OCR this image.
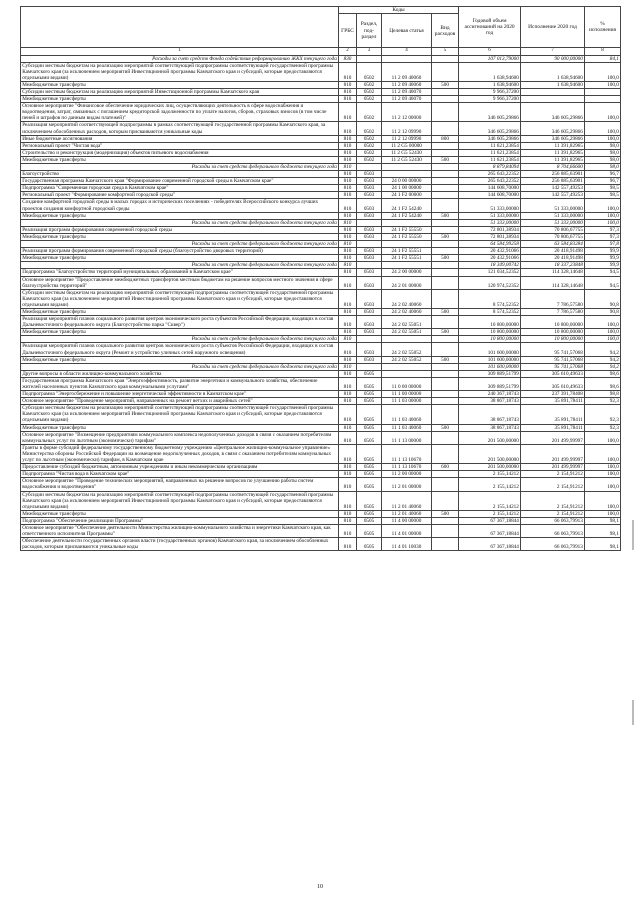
	Коды				Годовой объем ассигнований на 2020 год	Исполнение 2020 год	% исполнения	
	ГРБС	Раздел, под-раздел	Целевая статья	Вид расходов				
1	2	3	4	5	6	7	8	
Расходы за счет средств Фонда содействия реформированию ЖКХ текущего года	830				107 013,79000	90 000,00000	84,1	
Субсидии местным бюджетам на реализацию мероприятий соответствующей подпрограммы соответствующей государственной программы Камчатского края (за исключением мероприятий Инвестиционной программы Камчатского края и субсидий, которые предоставляются отдельными видами)	810	0502	11 2 09 40060		1 638,94600	1 638,94600	100,0	
Межбюджетные трансферты	810	0502	11 2 09 40060	500	1 638,94600	1 638,94600	100,0	
Субсидии местным бюджетам на реализацию мероприятий Инвестиционной программы Камчатского края	810	0502	11 2 09 40070		9 966,37200			
Межбюджетные трансферты	810	0502	11 2 09 40070		9 966,37200			
Основное мероприятие "Финансовое обеспечение юридических лиц, осуществляющих деятельность в сфере водоснабжения и водоотведения, затрат, связанных с погашением кредиторской задолженности по уплате налогов, сборов, страховых взносов (в том числе пеней и штрафов по данным видам платежей)"	810	0502	11 2 12 00000		346 605,29866	346 605,29866	100,0	
Реализация мероприятий соответствующей подпрограммы в рамках соответствующей государственной программы Камчатского края, за исключением обособленных расходов, которым присваиваются уникальные коды	810	0502	11 2 12 09990		346 605,29866	346 605,29866	100,0	
Иные бюджетные ассигнования	810	0502	11 2 12 09990	800	346 605,29866	346 605,29866	100,0	
Региональный проект "Чистая вода"	810	0502	11 2 G5 00000		11 621,23854	11 391,82965	98,0	
Строительство и реконструкция (модернизация) объектов питьевого водоснабжения	810	0502	11 2 G5 52430		11 621,23854	11 391,82965	98,0	
Межбюджетные трансферты	810	0502	11 2 G5 52430	500	11 621,23854	11 391,82965	98,0	
Расходы за счет средств федерального бюджета текущего года	810				8 879,84094	8 704,66600	98,0	
Благоустройство	810	0503			265 643,22352	256 885,63901	96,7	
Государственная программа Камчатского края "Формирование современной городской среды в Камчатском крае"	810	0503	24 0 00 00000		265 643,22352	256 885,63901	96,7	
Подпрограмма "Современная городская среда в Камчатском крае"	810	0503	24 1 00 00000		144 608,70000	142 557,49253	98,5	
Региональный проект "Формирование комфортной городской среды"	810	0503	24 1 F2 00000		144 608,70000	142 557,49253	98,5	
Создание комфортной городской среды в малых городах и исторических поселениях - победителях Всероссийского конкурса лучших проектов создания комфортной городской среды	810	0503	24 1 F2 54240		51 333,00000	51 333,00000	100,0	
Межбюджетные трансферты	810	0503	24 1 F2 54240	500	51 333,00000	51 333,00000	100,0	
Расходы за счет средств федерального бюджета текущего года	810				51 333,00000	51 333,00000	100,0	
Реализация программ формирования современной городской среды	810	0503	24 1 F2 55550		72 801,38934	70 806,67755	97,3	
Межбюджетные трансферты	810	0503	24 1 F2 55550	500	72 801,38934	70 806,67755	97,3	
Расходы за счет средств федерального бюджета текущего года	810				64 584,99258	63 584,83284	97,8	
Реализация программ формирования современной городской среды (благоустройство дворовых территорий)	810	0503	24 1 F2 55551		20 432,91066	20 418,91498	99,9	
Межбюджетные трансферты	810	0503	24 1 F2 55551	500	20 432,91066	20 418,91498	99,9	
Расходы за счет средств федерального бюджета текущего года	810				18 349,00742	18 337,23848	99,9	
Подпрограмма "Благоустройство территорий муниципальных образований в Камчатском крае"	810	0503	24 2 00 00000		121 034,52352	114 328,14648	94,5	
Основное мероприятие "Предоставление межбюджетных трансфертов местным бюджетам на решение вопросов местного значения в сфере благоустройства территорий"	810	0503	24 2 01 00000		120 974,52352	114 328,14648	94,5	
Субсидии местным бюджетам на реализацию мероприятий соответствующей подпрограммы соответствующей государственной программы Камчатского края (за исключением мероприятий Инвестиционной программы Камчатского края и субсидий, которые предоставляются отдельными видами)	810	0503	24 2 02 40060		8 574,52352	7 786,57580	90,8	
Межбюджетные трансферты	810	0503	24 2 02 40060	500	8 574,52352	7 786,57580	90,8	
Реализация мероприятий планов социального развития центров экономического роста субъектов Российской Федерации, входящих в состав Дальневосточного федерального округа (Благоустройство парка "Сквер")	810	0503	24 2 02 55051		10 800,00000	10 800,00000	100,0	
Межбюджетные трансферты	810	0503	24 2 02 55051	500	10 800,00000	10 800,00000	100,0	
Расходы за счет средств федерального бюджета текущего года	810				10 800,00000	10 800,00000	100,0	
Реализация мероприятий планов социального развития центров экономического роста субъектов Российской Федерации, входящих в состав Дальневосточного федерального округа (Ремонт и устройство уличных сетей наружного освещения)	810	0503	24 2 02 55052		101 600,00000	95 741,57068	94,2	
Межбюджетные трансферты	810	0503	24 2 02 55052	500	101 600,00000	95 741,57068	94,2	
Расходы за счет средств федерального бюджета текущего года	810				101 600,00000	95 741,57068	94,2	
Другие вопросы в области жилищно-коммунального хозяйства	810	0505			309 889,51799	305 610,49633	98,6	
Государственная программа Камчатского края "Энергоэффективность, развитие энергетики и коммунального хозяйства, обеспечение жителей населенных пунктов Камчатского края коммунальными услугами"	810	0505	11 0 00 00000		309 889,51799	305 610,49633	98,6	
Подпрограмма "Энергосбережение и повышение энергетической эффективности в Камчатском крае"	810	0505	11 1 00 00000		240 367,18743	237 391,78408	98,8	
Основное мероприятие "Проведение мероприятий, направленных на ремонт ветхих и аварийных сетей"	810	0505	11 1 03 00000		38 867,18743	35 891,78411	92,3	
Субсидии местным бюджетам на реализацию мероприятий соответствующей подпрограммы соответствующей государственной программы Камчатского края (за исключением мероприятий Инвестиционной программы Камчатского края и субсидий, которые предоставляются отдельными видами)	810	0505	11 1 03 40060		38 867,18743	35 891,78411	92,3	
Межбюджетные трансферты	810	0505	11 1 03 40060	500	38 867,18743	35 891,78411	92,3	
Основное мероприятие "Возмещение предприятиям коммунального комплекса недополученных доходов в связи с оказанием потребителям коммунальных услуг по льготным (экономически) тарифам"	810	0505	11 1 13 00000		201 500,00000	201 499,99997	100,0	
Гранты в форме субсидий федеральному государственному бюджетному учреждению «Центральное жилищно-коммунальное управление» Министерства обороны Российской Федерации на возмещение недополученных доходов, в связи с оказанием потребителям коммунальных услуг по льготным (экономически) тарифам, в Камчатском крае	810	0505	11 1 13 10670		201 500,00000	201 499,99997	100,0	
Предоставление субсидий бюджетным, автономным учреждениям и иным некоммерческим организациям	810	0505	11 1 13 10670	600	201 500,00000	201 499,99997	100,0	
Подпрограмма "Чистая вода в Камчатском крае"	810	0505	11 2 00 00000		2 155,14212	2 154,91212	100,0	
Основное мероприятие "Проведение технических мероприятий, направленных на решение вопросов по улучшению работы систем водоснабжения и водоотведения"	810	0505	11 2 01 00000		2 155,14212	2 154,91212	100,0	
Субсидии местным бюджетам на реализацию мероприятий соответствующей подпрограммы соответствующей государственной программы Камчатского края (за исключением мероприятий Инвестиционной программы Камчатского края и субсидий, которые предоставляются отдельными видами)	810	0505	11 2 01 40060		2 155,14212	2 154,91212	100,0	
Межбюджетные трансферты	810	0505	11 2 01 40060	500	2 155,14212	2 154,91212	100,0	
Подпрограмма "Обеспечение реализации Программы"	810	0505	11 4 00 00000		67 367,18844	66 063,79913	98,1	
Основное мероприятие "Обеспечение деятельности Министерства жилищно-коммунального хозяйства и энергетики Камчатского края, как ответственного исполнителя Программы"	810	0505	11 4 01 00000		67 367,18844	66 063,79913	98,1	
Обеспечение деятельности государственных органов власти (государственных органов) Камчатского края, за исключением обособленных расходов, которым присваиваются уникальные коды	810	0505	11 4 01 10030		67 367,18844	66 063,79913	98,1	
10
